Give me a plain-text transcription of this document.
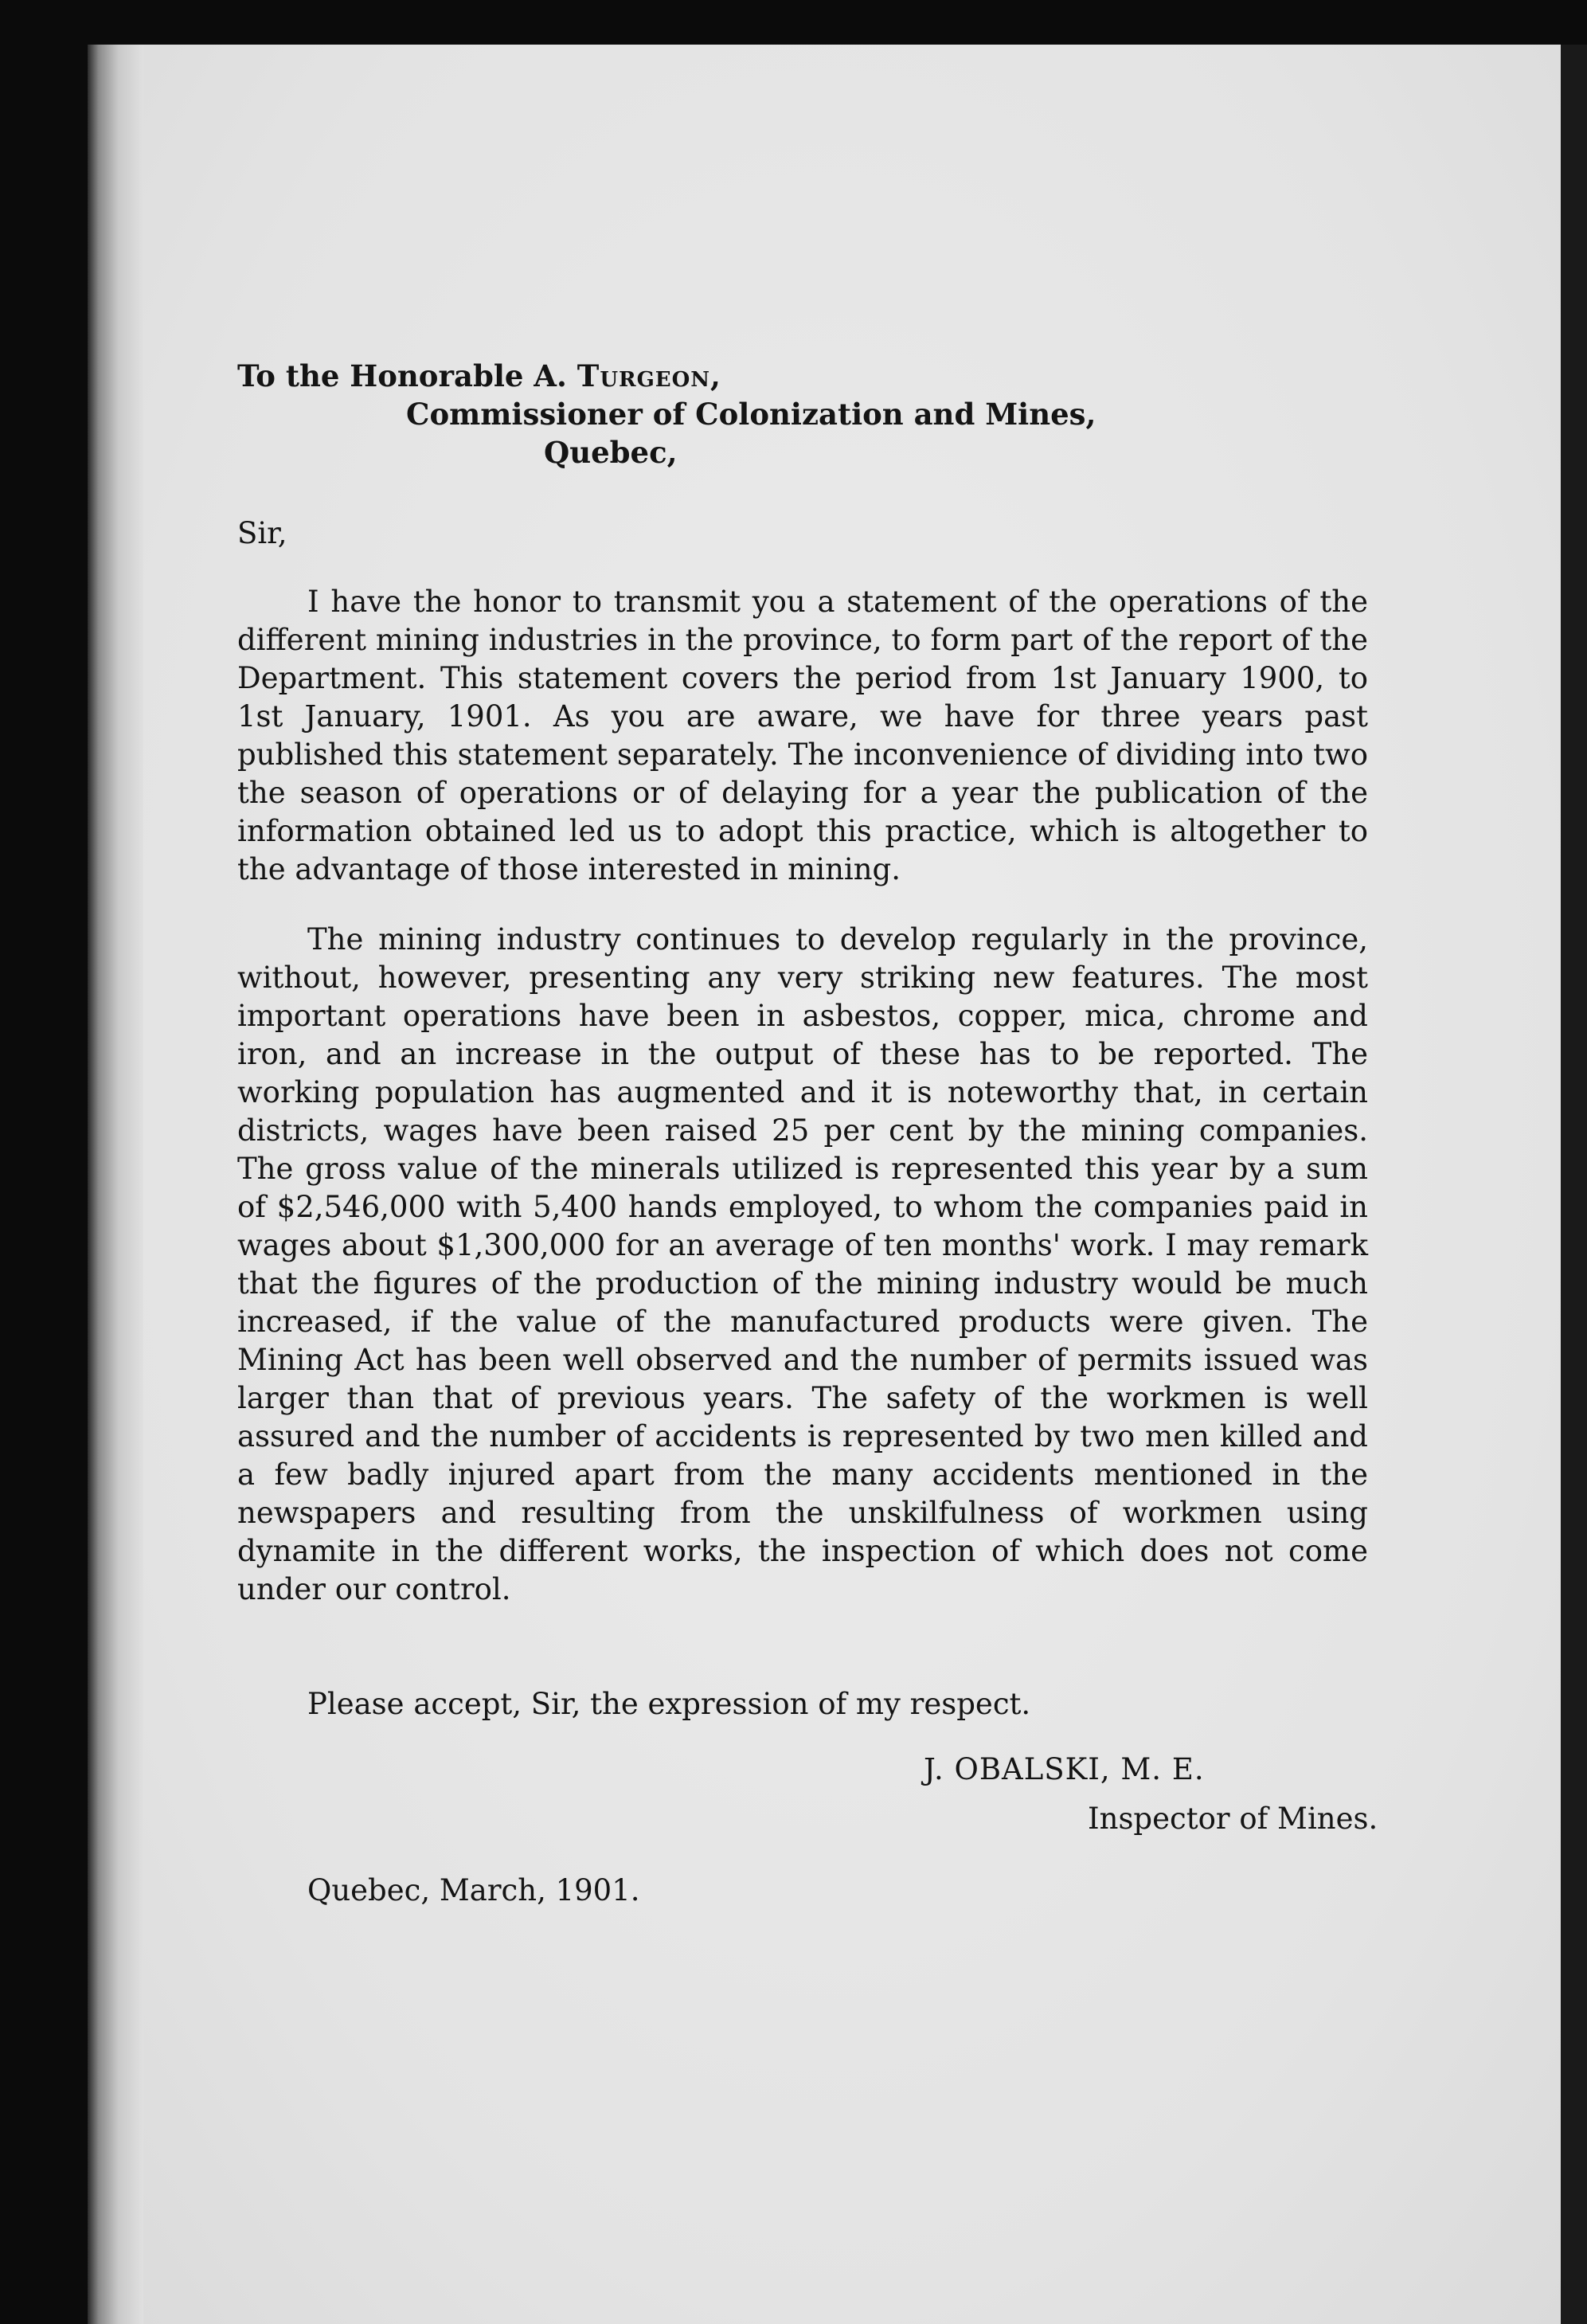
To the Honorable A. Turgeon,

Commissioner of Colonization and Mines,

Quebec,

Sir,

I have the honor to transmit you a statement of the operations of the different mining industries in the province, to form part of the report of the Department. This statement covers the period from 1st January 1900, to 1st January, 1901. As you are aware, we have for three years past published this statement separately. The inconvenience of dividing into two the season of operations or of delaying for a year the publication of the information obtained led us to adopt this practice, which is altogether to the advantage of those interested in mining.

The mining industry continues to develop regularly in the province, without, however, presenting any very striking new features. The most important operations have been in asbestos, copper, mica, chrome and iron, and an increase in the output of these has to be reported. The working population has augmented and it is noteworthy that, in certain districts, wages have been raised 25 per cent by the mining companies. The gross value of the minerals utilized is represented this year by a sum of $2,546,000 with 5,400 hands employed, to whom the companies paid in wages about $1,300,000 for an average of ten months' work. I may remark that the figures of the production of the mining industry would be much increased, if the value of the manufactured products were given. The Mining Act has been well observed and the number of permits issued was larger than that of previous years. The safety of the workmen is well assured and the number of accidents is represented by two men killed and a few badly injured apart from the many accidents mentioned in the newspapers and resulting from the unskilfulness of workmen using dynamite in the different works, the inspection of which does not come under our control.

Please accept, Sir, the expression of my respect.
J. OBALSKI, M. E.
Inspector of Mines.
Quebec, March, 1901.
